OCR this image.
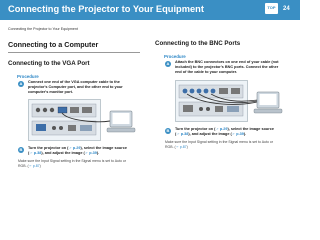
Connecting the Projector to Your Equipment	TOP	24
Connecting the Projector to Your Equipment
Connecting to a Computer
Connecting to the VGA Port
Procedure
A	Connect one end of the VGA computer cable to the
projector's Computer port, and the other end to your
computer's monitor port.
B	Turn the projector on (☞ p.29), select the image source
(☞ p.38), and adjust the image (☞ p.39).
Make sure the Input Signal setting in the Signal menu is set to Auto or
RGB. (☞ p.87)
Connecting to the BNC Ports
Procedure
A	Attach the BNC connectors on one end of your cable (not
included) to the projector's BNC ports. Connect the other
end of the cable to your computer.
B	Turn the projector on (☞ p.29), select the image source
(☞ p.38), and adjust the image (☞ p.39).
Make sure the Input Signal setting in the Signal menu is set to Auto or
RGB. (☞ p.87)
